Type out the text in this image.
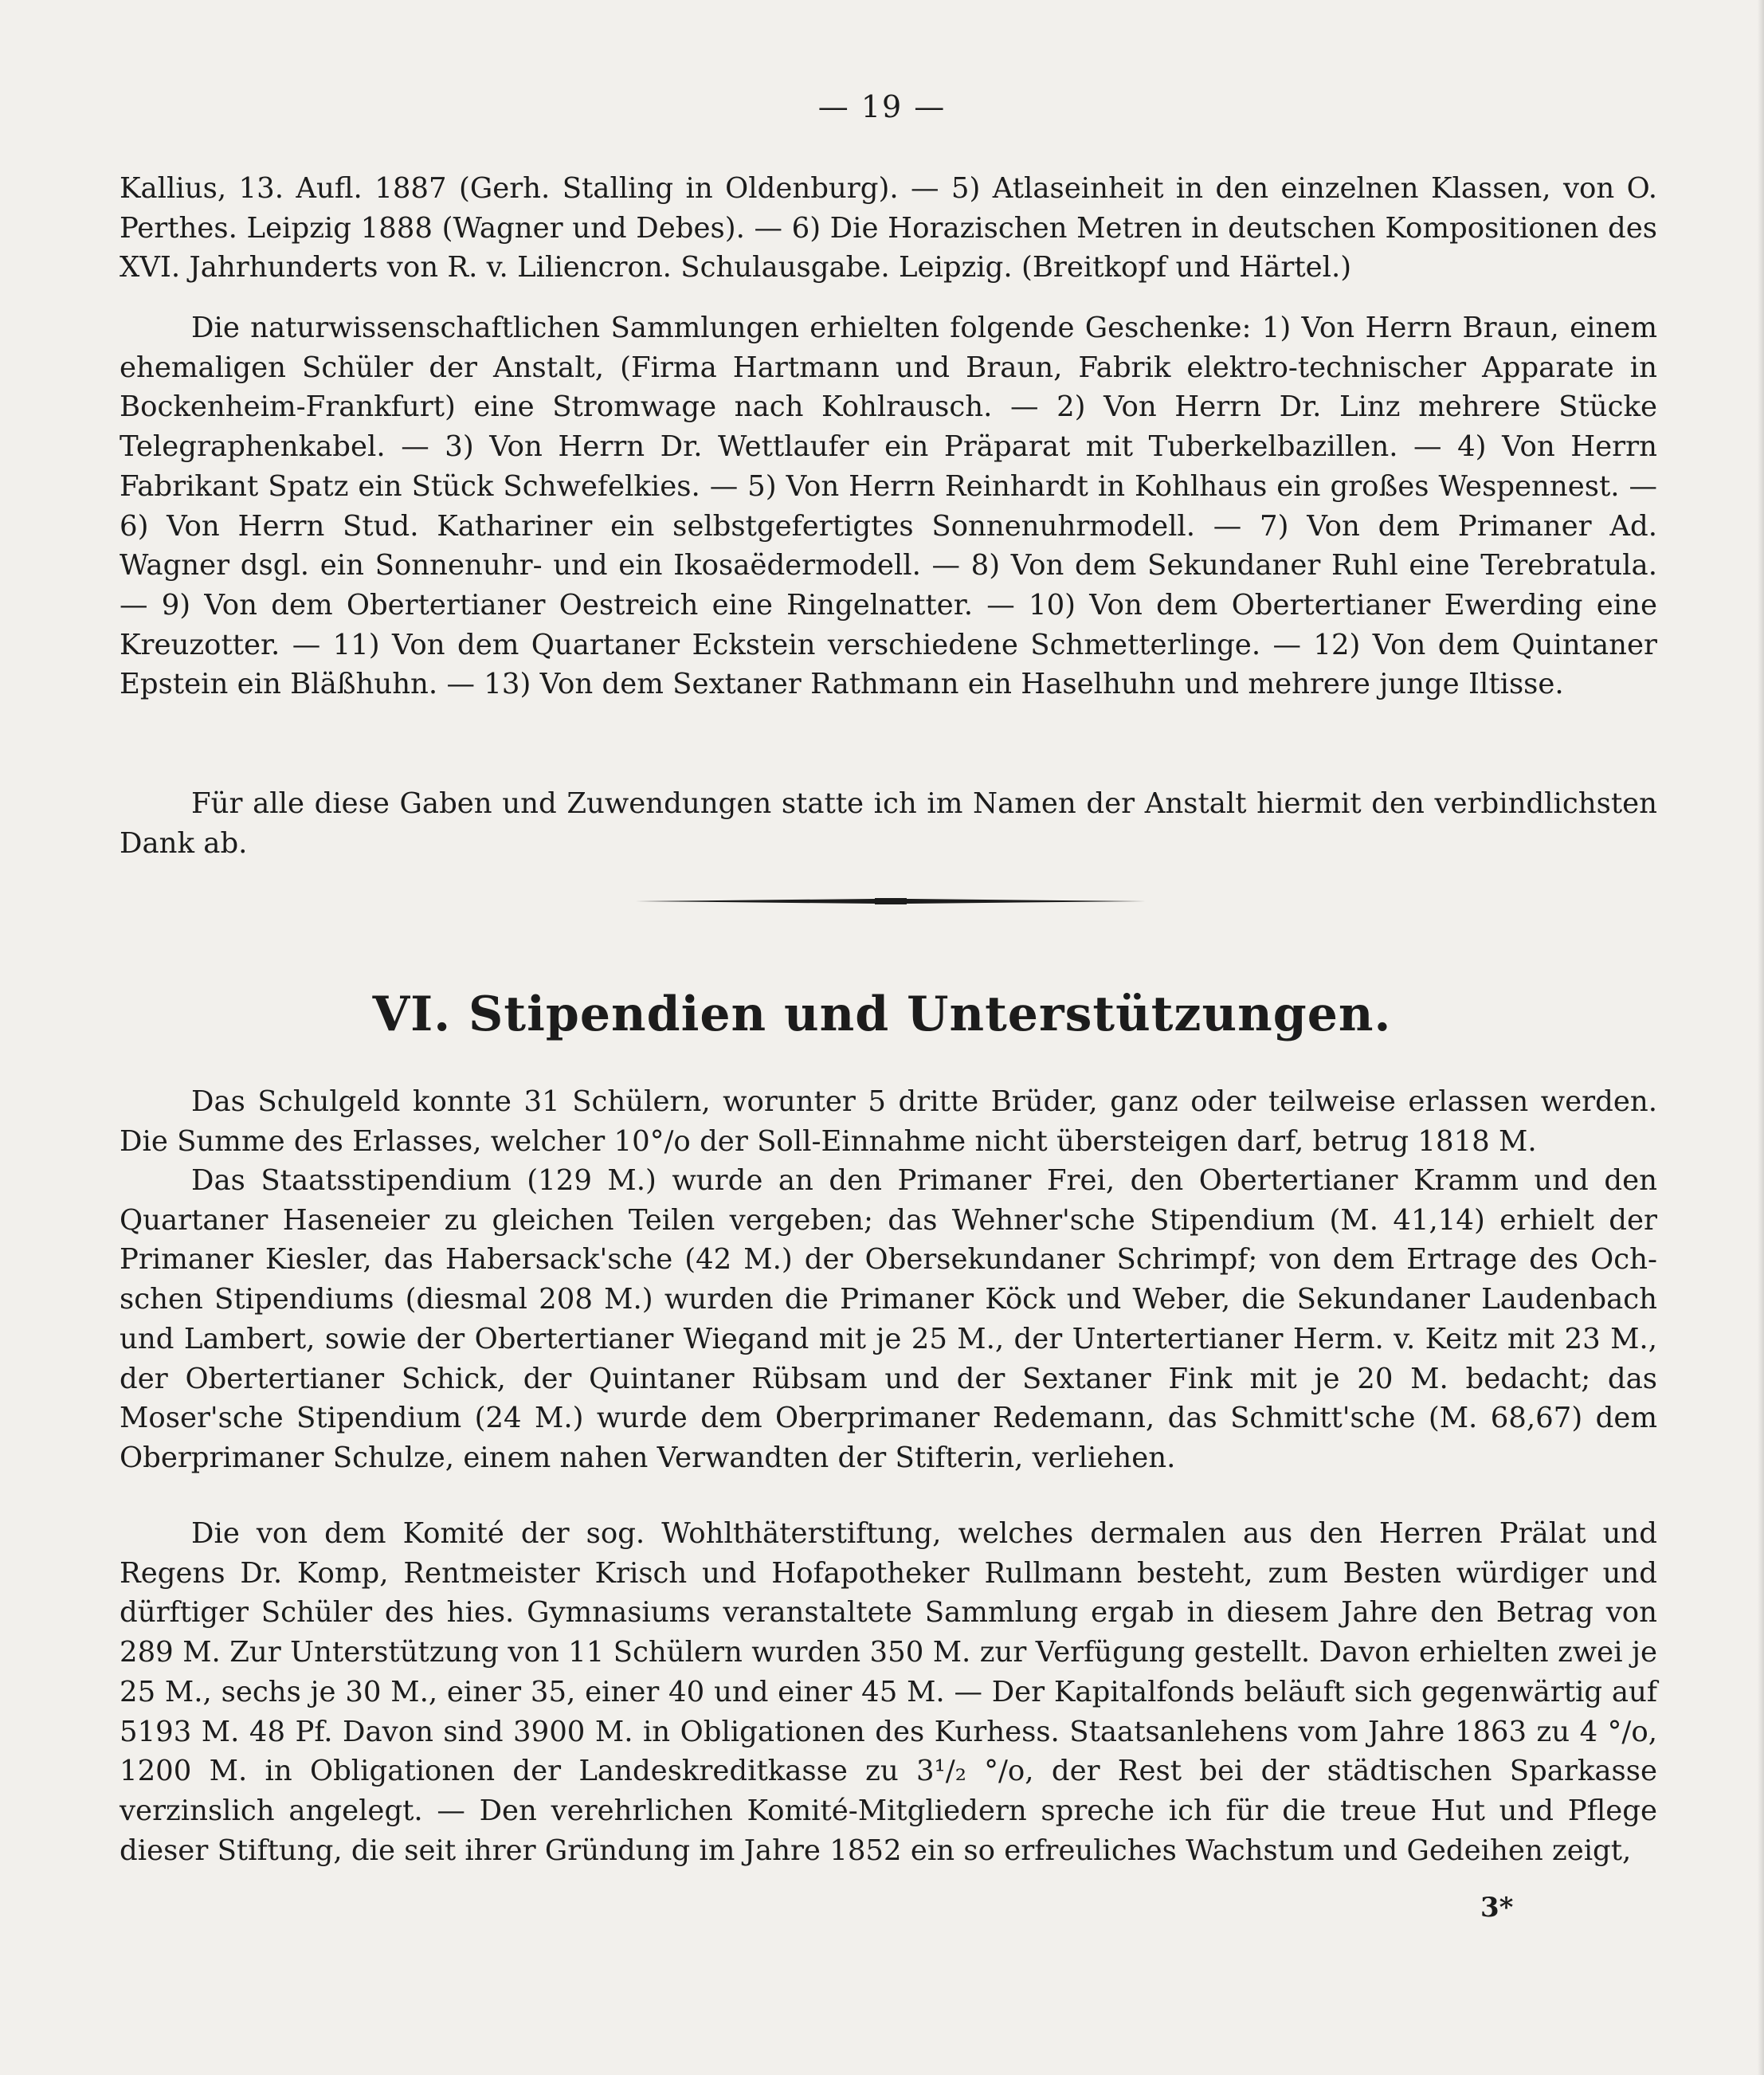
— 19 —

Kallius, 13. Aufl. 1887 (Gerh. Stalling in Oldenburg). — 5) Atlaseinheit in den einzelnen Klassen, von O. Perthes. Leipzig 1888 (Wagner und Debes). — 6) Die Horazischen Metren in deutschen Kompositionen des XVI. Jahrhunderts von R. v. Liliencron. Schulausgabe. Leipzig. (Breitkopf und Härtel.)

Die naturwissenschaftlichen Sammlungen erhielten folgende Geschenke: 1) Von Herrn Braun, einem ehemaligen Schüler der Anstalt, (Firma Hartmann und Braun, Fabrik elektro-technischer Apparate in Bockenheim-Frankfurt) eine Stromwage nach Kohlrausch. — 2) Von Herrn Dr. Linz mehrere Stücke Telegraphenkabel. — 3) Von Herrn Dr. Wettlaufer ein Präparat mit Tuberkelbazillen. — 4) Von Herrn Fabrikant Spatz ein Stück Schwefelkies. — 5) Von Herrn Reinhardt in Kohlhaus ein großes Wespennest. — 6) Von Herrn Stud. Kathariner ein selbstgefertigtes Sonnenuhrmodell. — 7) Von dem Primaner Ad. Wagner dsgl. ein Sonnenuhr- und ein Ikosaëdermodell. — 8) Von dem Sekundaner Ruhl eine Terebratula. — 9) Von dem Obertertianer Oestreich eine Ringelnatter. — 10) Von dem Obertertianer Ewerding eine Kreuzotter. — 11) Von dem Quartaner Eckstein verschiedene Schmetterlinge. — 12) Von dem Quintaner Epstein ein Bläßhuhn. — 13) Von dem Sextaner Rathmann ein Haselhuhn und mehrere junge Iltisse.

Für alle diese Gaben und Zuwendungen statte ich im Namen der Anstalt hiermit den verbindlichsten Dank ab.

VI. Stipendien und Unterstützungen.

Das Schulgeld konnte 31 Schülern, worunter 5 dritte Brüder, ganz oder teilweise erlassen werden. Die Summe des Erlasses, welcher 10°/o der Soll-Einnahme nicht übersteigen darf, betrug 1818 M.

Das Staatsstipendium (129 M.) wurde an den Primaner Frei, den Obertertianer Kramm und den Quartaner Haseneier zu gleichen Teilen vergeben; das Wehner'sche Stipendium (M. 41,14) erhielt der Primaner Kiesler, das Habersack'sche (42 M.) der Obersekundaner Schrimpf; von dem Ertrage des Och-schen Stipendiums (diesmal 208 M.) wurden die Primaner Köck und Weber, die Sekundaner Laudenbach und Lambert, sowie der Obertertianer Wiegand mit je 25 M., der Untertertianer Herm. v. Keitz mit 23 M., der Obertertianer Schick, der Quintaner Rübsam und der Sextaner Fink mit je 20 M. bedacht; das Moser'sche Stipendium (24 M.) wurde dem Oberprimaner Redemann, das Schmitt'sche (M. 68,67) dem Oberprimaner Schulze, einem nahen Verwandten der Stifterin, verliehen.

Die von dem Komité der sog. Wohlthäterstiftung, welches dermalen aus den Herren Prälat und Regens Dr. Komp, Rentmeister Krisch und Hofapotheker Rullmann besteht, zum Besten würdiger und dürftiger Schüler des hies. Gymnasiums veranstaltete Sammlung ergab in diesem Jahre den Betrag von 289 M. Zur Unterstützung von 11 Schülern wurden 350 M. zur Verfügung gestellt. Davon erhielten zwei je 25 M., sechs je 30 M., einer 35, einer 40 und einer 45 M. — Der Kapitalfonds beläuft sich gegenwärtig auf 5193 M. 48 Pf. Davon sind 3900 M. in Obligationen des Kurhess. Staatsanlehens vom Jahre 1863 zu 4 °/o, 1200 M. in Obligationen der Landeskreditkasse zu 3¹/₂ °/o, der Rest bei der städtischen Sparkasse verzinslich angelegt. — Den verehrlichen Komité-Mitgliedern spreche ich für die treue Hut und Pflege dieser Stiftung, die seit ihrer Gründung im Jahre 1852 ein so erfreuliches Wachstum und Gedeihen zeigt,

3*
